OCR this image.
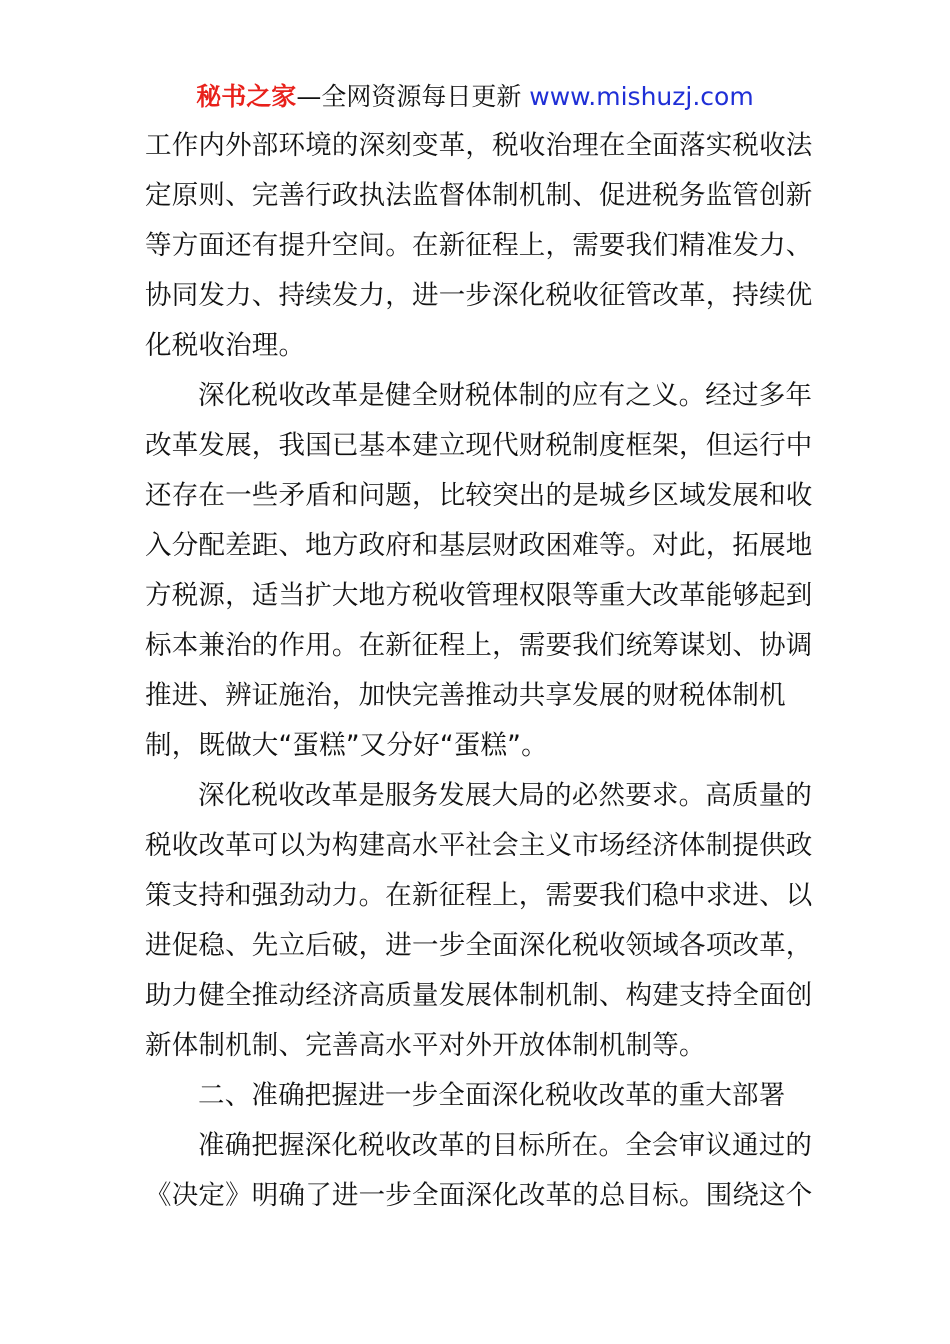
秘书之家—全网资源每日更新 www.mishuzj.com
工作内外部环境的深刻变革，税收治理在全面落实税收法
定原则、完善行政执法监督体制机制、促进税务监管创新
等方面还有提升空间。在新征程上，需要我们精准发力、
协同发力、持续发力，进一步深化税收征管改革，持续优
化税收治理。
深化税收改革是健全财税体制的应有之义。经过多年
改革发展，我国已基本建立现代财税制度框架，但运行中
还存在一些矛盾和问题，比较突出的是城乡区域发展和收
入分配差距、地方政府和基层财政困难等。对此，拓展地
方税源，适当扩大地方税收管理权限等重大改革能够起到
标本兼治的作用。在新征程上，需要我们统筹谋划、协调
推进、辨证施治，加快完善推动共享发展的财税体制机
制，既做大“蛋糕”又分好“蛋糕”。
深化税收改革是服务发展大局的必然要求。高质量的
税收改革可以为构建高水平社会主义市场经济体制提供政
策支持和强劲动力。在新征程上，需要我们稳中求进、以
进促稳、先立后破，进一步全面深化税收领域各项改革，
助力健全推动经济高质量发展体制机制、构建支持全面创
新体制机制、完善高水平对外开放体制机制等。
二、准确把握进一步全面深化税收改革的重大部署
准确把握深化税收改革的目标所在。全会审议通过的
《决定》明确了进一步全面深化改革的总目标。围绕这个
